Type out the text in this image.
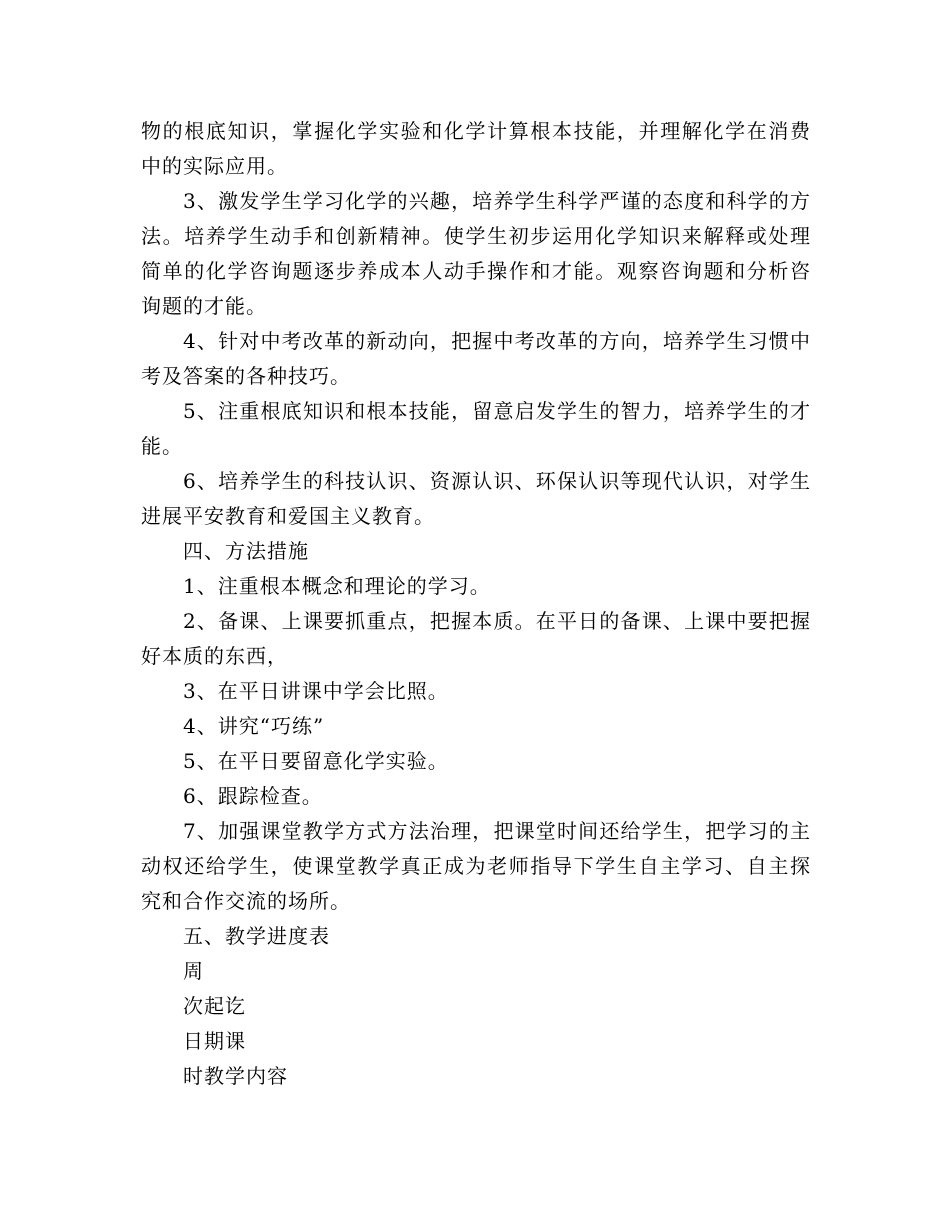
物的根底知识，掌握化学实验和化学计算根本技能，并理解化学在消费中的实际应用。

3、激发学生学习化学的兴趣，培养学生科学严谨的态度和科学的方法。培养学生动手和创新精神。使学生初步运用化学知识来解释或处理简单的化学咨询题逐步养成本人动手操作和才能。观察咨询题和分析咨询题的才能。

4、针对中考改革的新动向，把握中考改革的方向，培养学生习惯中考及答案的各种技巧。

5、注重根底知识和根本技能，留意启发学生的智力，培养学生的才能。

6、培养学生的科技认识、资源认识、环保认识等现代认识，对学生进展平安教育和爱国主义教育。

四、方法措施

1、注重根本概念和理论的学习。

2、备课、上课要抓重点，把握本质。在平日的备课、上课中要把握好本质的东西，

3、在平日讲课中学会比照。

4、讲究“巧练”

5、在平日要留意化学实验。

6、跟踪检查。

7、加强课堂教学方式方法治理，把课堂时间还给学生，把学习的主动权还给学生，使课堂教学真正成为老师指导下学生自主学习、自主探究和合作交流的场所。

五、教学进度表

周

次起讫

日期课

时教学内容
